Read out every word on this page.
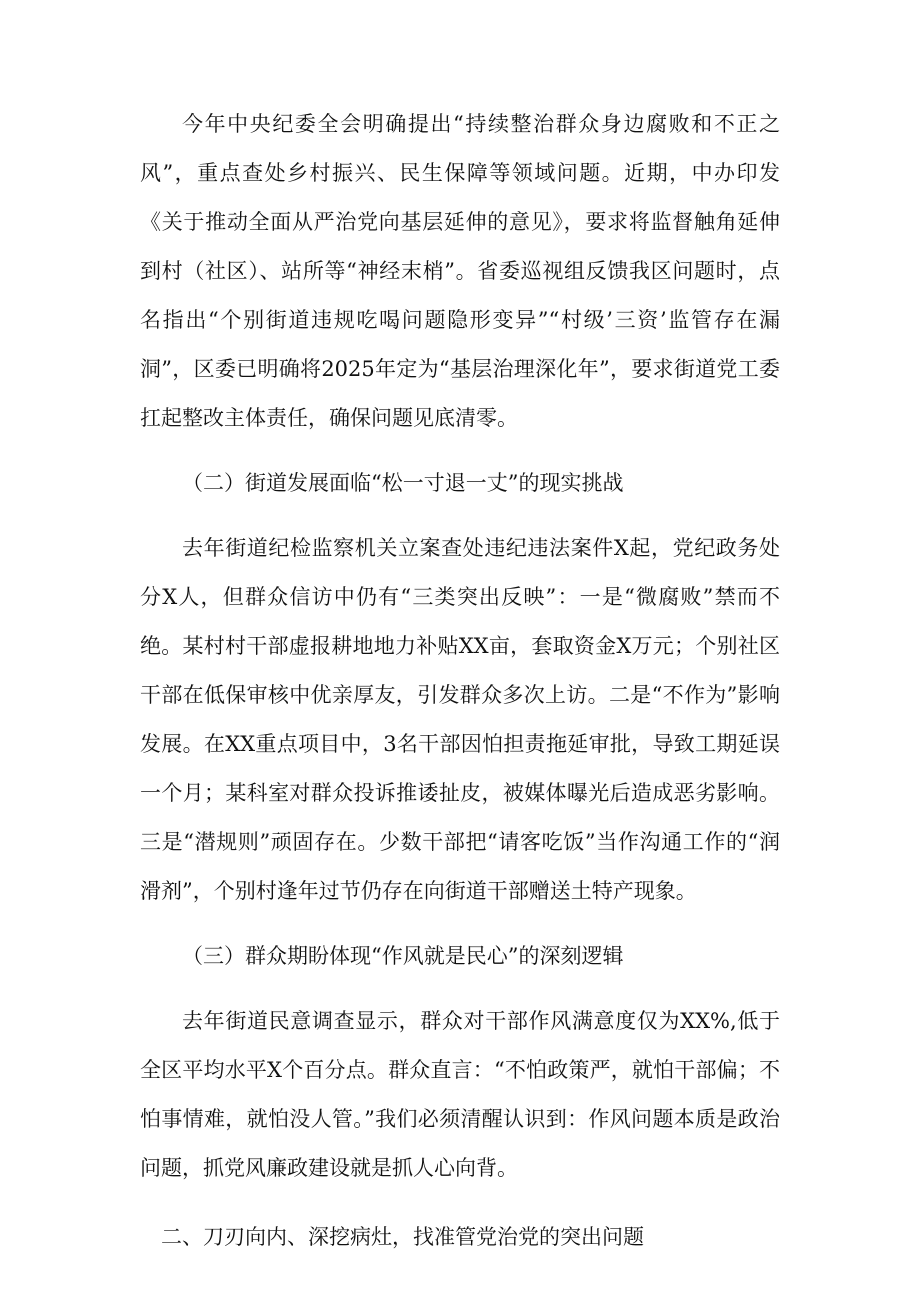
今年中央纪委全会明确提出“持续整治群众身边腐败和不正之风”，重点查处乡村振兴、民生保障等领域问题。近期，中办印发《关于推动全面从严治党向基层延伸的意见》，要求将监督触角延伸到村（社区）、站所等“神经末梢”。省委巡视组反馈我区问题时，点名指出“个别街道违规吃喝问题隐形变异”“村级’三资’监管存在漏洞”，区委已明确将2025年定为“基层治理深化年”，要求街道党工委扛起整改主体责任，确保问题见底清零。

（二）街道发展面临“松一寸退一丈”的现实挑战

去年街道纪检监察机关立案查处违纪违法案件X起，党纪政务处分X人，但群众信访中仍有“三类突出反映”：一是“微腐败”禁而不绝。某村村干部虚报耕地地力补贴XX亩，套取资金X万元；个别社区干部在低保审核中优亲厚友，引发群众多次上访。二是“不作为”影响发展。在XX重点项目中，3名干部因怕担责拖延审批，导致工期延误一个月；某科室对群众投诉推诿扯皮，被媒体曝光后造成恶劣影响。三是“潜规则”顽固存在。少数干部把“请客吃饭”当作沟通工作的“润滑剂”，个别村逢年过节仍存在向街道干部赠送土特产现象。

（三）群众期盼体现“作风就是民心”的深刻逻辑

去年街道民意调查显示，群众对干部作风满意度仅为XX%,低于全区平均水平X个百分点。群众直言：“不怕政策严，就怕干部偏；不怕事情难，就怕没人管。”我们必须清醒认识到：作风问题本质是政治问题，抓党风廉政建设就是抓人心向背。

二、刀刃向内、深挖病灶，找准管党治党的突出问题
